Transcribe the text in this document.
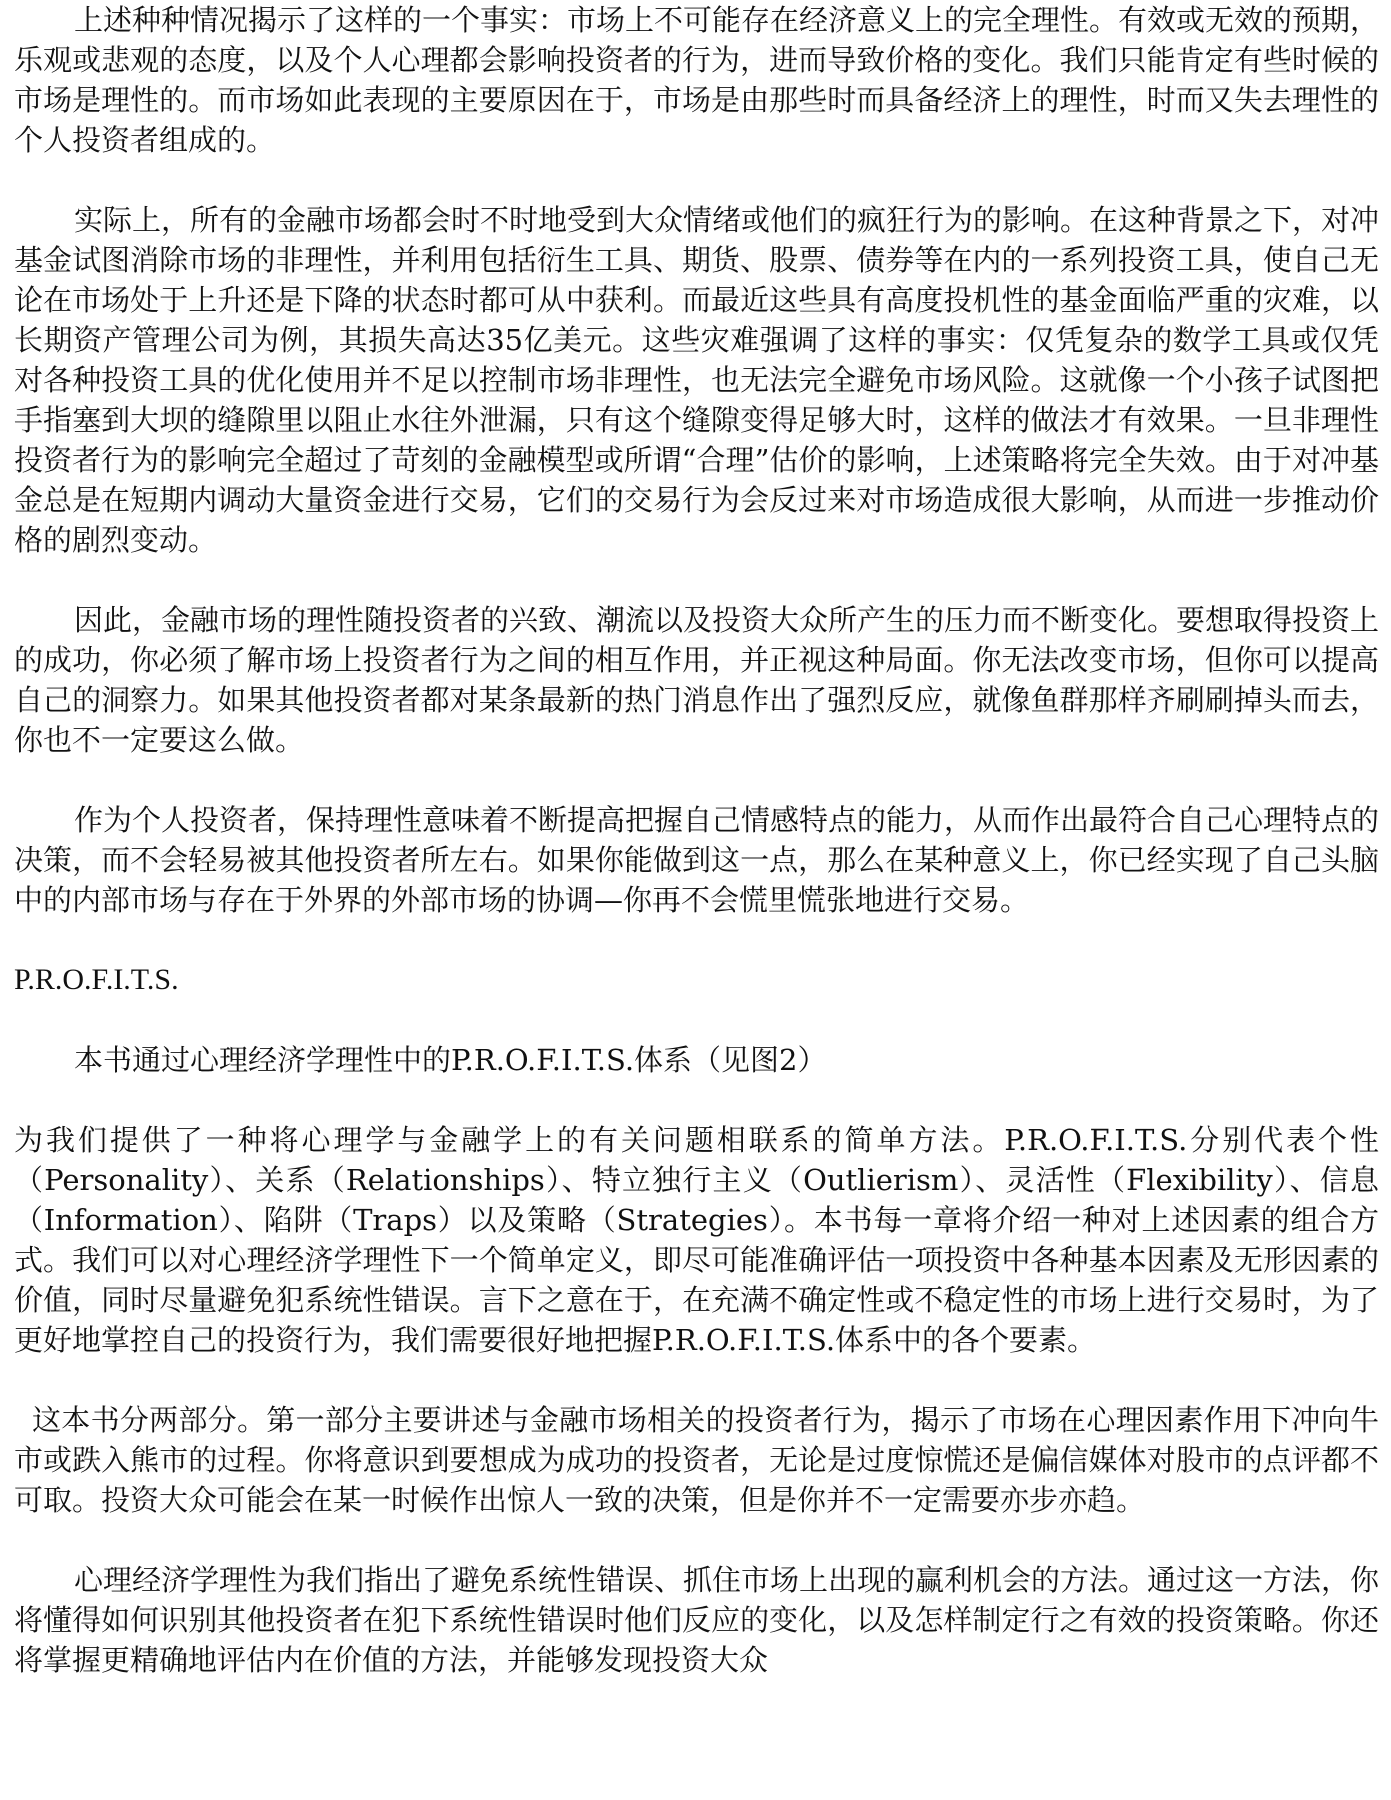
上述种种情况揭示了这样的一个事实：市场上不可能存在经济意义上的完全理性。有效或无效的预期，乐观或悲观的态度，以及个人心理都会影响投资者的行为，进而导致价格的变化。我们只能肯定有些时候的市场是理性的。而市场如此表现的主要原因在于，市场是由那些时而具备经济上的理性，时而又失去理性的个人投资者组成的。

实际上，所有的金融市场都会时不时地受到大众情绪或他们的疯狂行为的影响。在这种背景之下，对冲基金试图消除市场的非理性，并利用包括衍生工具、期货、股票、债券等在内的一系列投资工具，使自己无论在市场处于上升还是下降的状态时都可从中获利。而最近这些具有高度投机性的基金面临严重的灾难，以长期资产管理公司为例，其损失高达35亿美元。这些灾难强调了这样的事实：仅凭复杂的数学工具或仅凭对各种投资工具的优化使用并不足以控制市场非理性，也无法完全避免市场风险。这就像一个小孩子试图把手指塞到大坝的缝隙里以阻止水往外泄漏，只有这个缝隙变得足够大时，这样的做法才有效果。一旦非理性投资者行为的影响完全超过了苛刻的金融模型或所谓“合理”估价的影响，上述策略将完全失效。由于对冲基金总是在短期内调动大量资金进行交易，它们的交易行为会反过来对市场造成很大影响，从而进一步推动价格的剧烈变动。

因此，金融市场的理性随投资者的兴致、潮流以及投资大众所产生的压力而不断变化。要想取得投资上的成功，你必须了解市场上投资者行为之间的相互作用，并正视这种局面。你无法改变市场，但你可以提高自己的洞察力。如果其他投资者都对某条最新的热门消息作出了强烈反应，就像鱼群那样齐刷刷掉头而去，你也不一定要这么做。

作为个人投资者，保持理性意味着不断提高把握自己情感特点的能力，从而作出最符合自己心理特点的决策，而不会轻易被其他投资者所左右。如果你能做到这一点，那么在某种意义上，你已经实现了自己头脑中的内部市场与存在于外界的外部市场的协调—你再不会慌里慌张地进行交易。

P.R.O.F.I.T.S.

本书通过心理经济学理性中的P.R.O.F.I.T.S.体系（见图2）

为我们提供了一种将心理学与金融学上的有关问题相联系的简单方法。P.R.O.F.I.T.S.分别代表个性（Personality）、关系（Relationships）、特立独行主义（Outlierism）、灵活性（Flexibility）、信息（Information）、陷阱（Traps）以及策略（Strategies）。本书每一章将介绍一种对上述因素的组合方式。我们可以对心理经济学理性下一个简单定义，即尽可能准确评估一项投资中各种基本因素及无形因素的价值，同时尽量避免犯系统性错误。言下之意在于，在充满不确定性或不稳定性的市场上进行交易时，为了更好地掌控自己的投资行为，我们需要很好地把握P.R.O.F.I.T.S.体系中的各个要素。

这本书分两部分。第一部分主要讲述与金融市场相关的投资者行为，揭示了市场在心理因素作用下冲向牛市或跌入熊市的过程。你将意识到要想成为成功的投资者，无论是过度惊慌还是偏信媒体对股市的点评都不可取。投资大众可能会在某一时候作出惊人一致的决策，但是你并不一定需要亦步亦趋。

心理经济学理性为我们指出了避免系统性错误、抓住市场上出现的赢利机会的方法。通过这一方法，你将懂得如何识别其他投资者在犯下系统性错误时他们反应的变化，以及怎样制定行之有效的投资策略。你还将掌握更精确地评估内在价值的方法，并能够发现投资大众
